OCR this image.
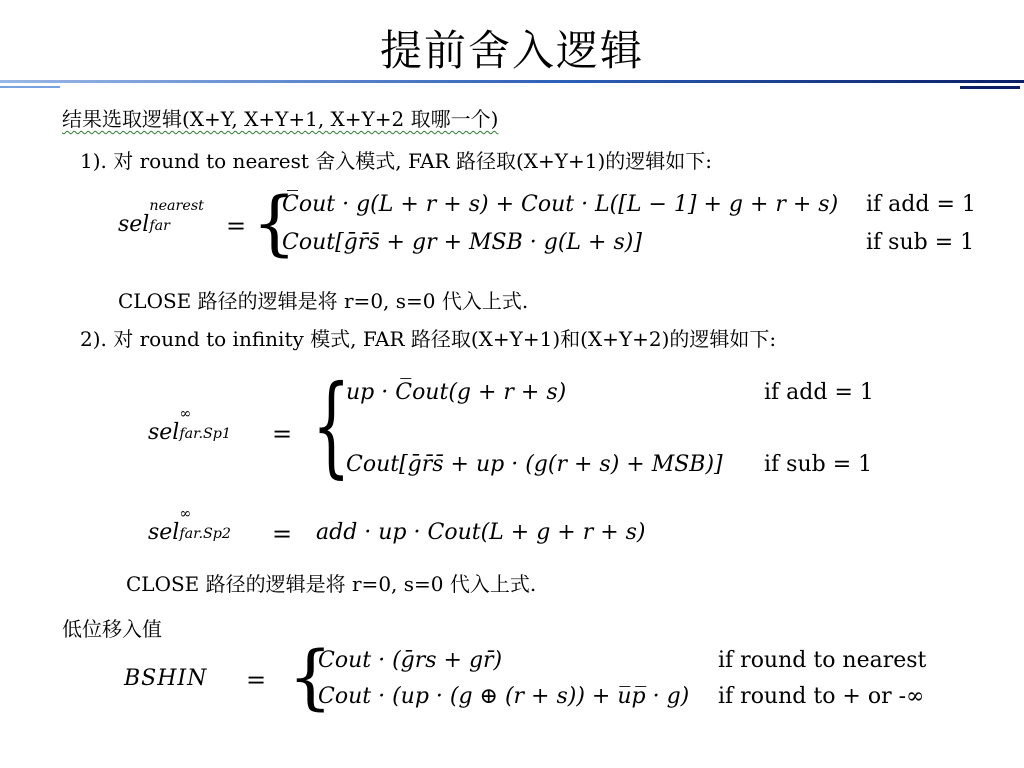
提前舍入逻辑
结果选取逻辑(X+Y, X+Y+1, X+Y+2 取哪一个)
1). 对 round to nearest 舍入模式, FAR 路径取(X+Y+1)的逻辑如下:
sel
nearest
far = {
C̅out · g(L + r + s) + Cout · L([L − 1] + g + r + s) if add = 1
Cout[ḡr̄s̄ + gr + MSB · g(L + s)]	if sub = 1
CLOSE 路径的逻辑是将 r=0, s=0 代入上式.
2). 对 round to infinity 模式, FAR 路径取(X+Y+1)和(X+Y+2)的逻辑如下:
sel
∞
far.Sp1 = {
up · C̅out(g + r + s)	if add = 1
Cout[ḡr̄s̄ + up · (g(r + s) + MSB)] if sub = 1
sel
∞
far.Sp2 = add · up · Cout(L + g + r + s)
CLOSE 路径的逻辑是将 r=0, s=0 代入上式.
低位移入值
BSHIN = {
Cout · (ḡrs + gr̄)	if round to nearest
Cout · (up · (g ⊕ (r + s)) + u̅p̅ · g) if round to + or -∞
